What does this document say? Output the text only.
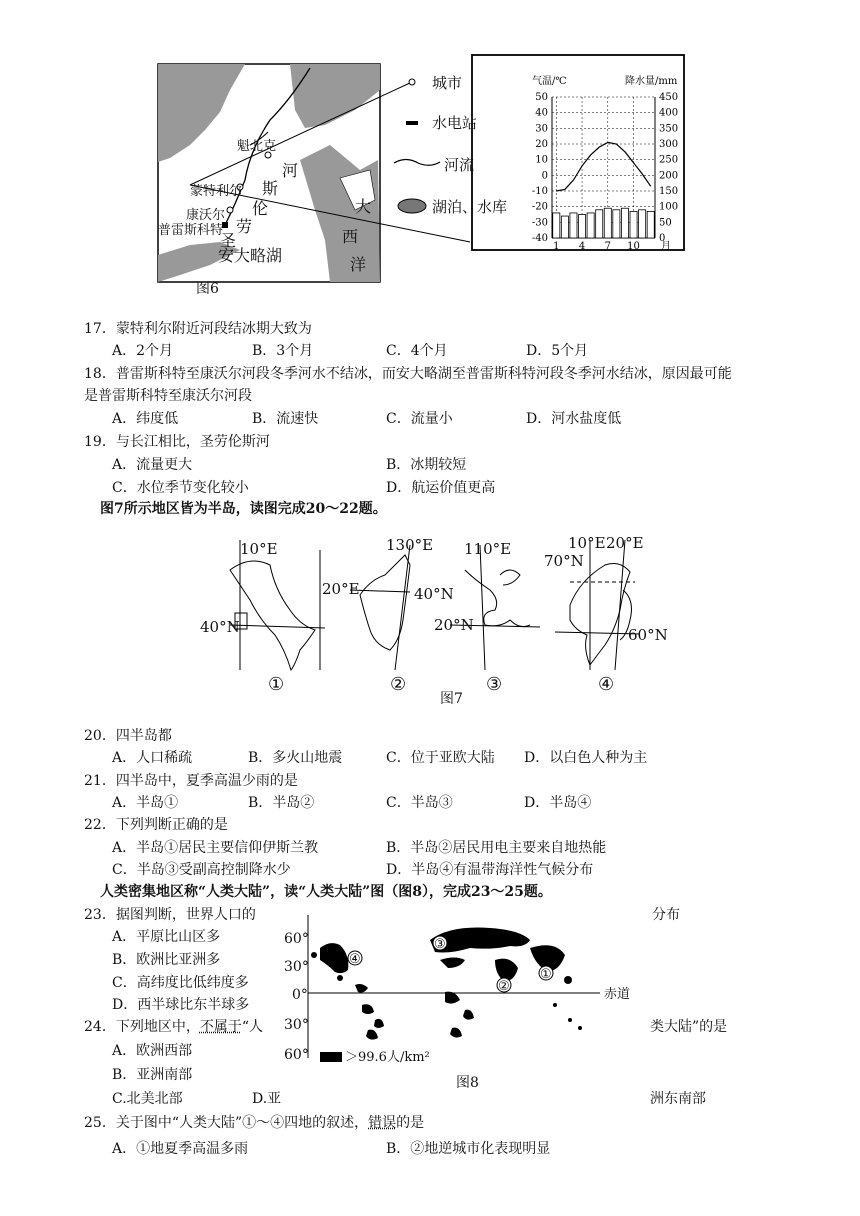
50	450
40	400
30	350
20	300
10	250
0	200
-10	150
-20	100
-30	50
-40	0
1 4 7 10 月
气温/℃	降水量/mm
魁北克
蒙特利尔
康沃尔
普雷斯科特
河
斯
伦
劳
圣
安大略湖
大
西
洋
城市
水电站
河流
湖泊、水库
图6
17．蒙特利尔附近河段结冰期大致为
A．2个月	B．3个月	C．4个月	D．5个月
18．普雷斯科特至康沃尔河段冬季河水不结冰，而安大略湖至普雷斯科特河段冬季河水结冰，原因最可能
是普雷斯科特至康沃尔河段
A．纬度低	B．流速快	C．流量小	D．河水盐度低
19．与长江相比，圣劳伦斯河
A．流量更大	B．冰期较短
C．水位季节变化较小	D．航运价值更高
图7所示地区皆为半岛，读图完成20～22题。
10°E
40°N
130°E
20°E	40°N
110°E
20°N
10°E 20°E
70°N
60°N
①	②	③	④
图7
20．四半岛都
A．人口稀疏	B．多火山地震	C．位于亚欧大陆 D．以白色人种为主
21．四半岛中，夏季高温少雨的是
A．半岛①	B．半岛②	C．半岛③	D．半岛④
22．下列判断正确的是
A．半岛①居民主要信仰伊斯兰教	B．半岛②居民用电主要来自地热能
C．半岛③受副高控制降水少	D．半岛④有温带海洋性气候分布
人类密集地区称“人类大陆”，读“人类大陆”图（图8），完成23～25题。
60°
30°
0°
30°
60°
赤道
＞99.6人/km²
①
②
③
④
图8
23．据图判断，世界人口的	分布
A．平原比山区多
B．欧洲比亚洲多
C．高纬度比低纬度多
D．西半球比东半球多
24．下列地区中，不属于“人	类大陆”的是
A．欧洲西部
B．亚洲南部
C.北美北部	D.亚	洲东南部
25．关于图中“人类大陆”①～④四地的叙述，错误的是
A．①地夏季高温多雨	B．②地逆城市化表现明显
